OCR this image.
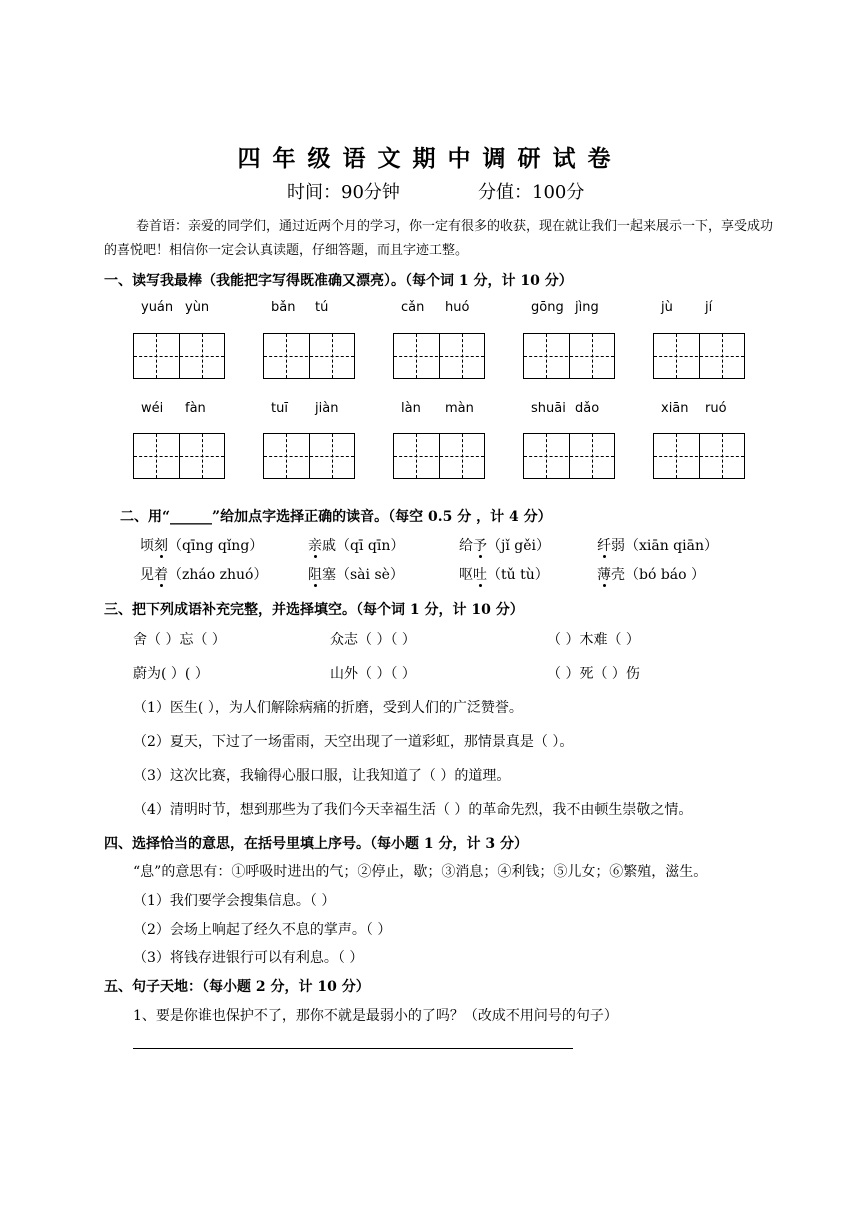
四年级语文期中调研试卷
时间：90分钟	分值：100分
卷首语：亲爱的同学们，通过近两个月的学习，你一定有很多的收获，现在就让我们一起来展示一下，享受成功的喜悦吧！相信你一定会认真读题，仔细答题，而且字迹工整。
一、读写我最棒（我能把字写得既准确又漂亮）。（每个词 1 分，计 10 分）
yuán yùn	bǎn tú	cǎn huó	gōng jìng	jù jí
wéi fàn	tuī jiàn	làn màn	shuāi dǎo	xiān ruó
二、用“______”给加点字选择正确的读音。（每空 0.5 分 ，计 4 分）
顷刻（qīng qǐng）	亲戚（qī qīn）	给予（jǐ gěi）	纤弱（xiān qiān）
见着（zháo zhuó）	阻塞（sài sè）	呕吐（tǔ tù）	薄壳（bó báo ）
三、把下列成语补充完整，并选择填空。（每个词 1 分，计 10 分）
舍（ ）忘（ ）	众志（ ）（ ）	（ ）木难（ ）
蔚为( ）( ）	山外（ ）（ ）	（ ）死（ ）伤
（1）医生( ），为人们解除病痛的折磨，受到人们的广泛赞誉。
（2）夏天，下过了一场雷雨，天空出现了一道彩虹，那情景真是（ ）。
（3）这次比赛，我输得心服口服，让我知道了（ ）的道理。
（4）清明时节，想到那些为了我们今天幸福生活（ ）的革命先烈，我不由顿生崇敬之情。
四、选择恰当的意思，在括号里填上序号。（每小题 1 分，计 3 分）
“息”的意思有：①呼吸时进出的气；②停止，歇；③消息；④利钱；⑤儿女；⑥繁殖，滋生。
（1）我们要学会搜集信息。（ ）
（2）会场上响起了经久不息的掌声。（ ）
（3）将钱存进银行可以有利息。（ ）
五、句子天地：（每小题 2 分，计 10 分）
1、要是你谁也保护不了，那你不就是最弱小的了吗？（改成不用问号的句子）
